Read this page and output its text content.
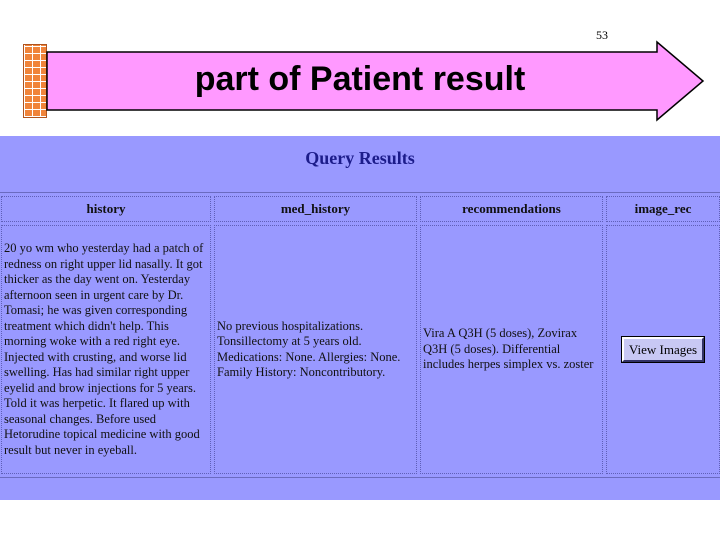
53
part of Patient result
Query Results
history	med_history	recommendations	image_rec
20 yo wm who yesterday had a patch of redness on right upper lid nasally. It got thicker as the day went on. Yesterday afternoon seen in urgent care by Dr. Tomasi; he was given corresponding treatment which didn't help. This morning woke with a red right eye. Injected with crusting, and worse lid swelling. Has had similar right upper eyelid and brow injections for 5 years. Told it was herpetic. It flared up with seasonal changes. Before used Hetorudine topical medicine with good result but never in eyeball.	No previous hospitalizations. Tonsillectomy at 5 years old. Medications: None. Allergies: None. Family History: Noncontributory.	Vira A Q3H (5 doses), Zovirax Q3H (5 doses). Differential includes herpes simplex vs. zoster	View Images
